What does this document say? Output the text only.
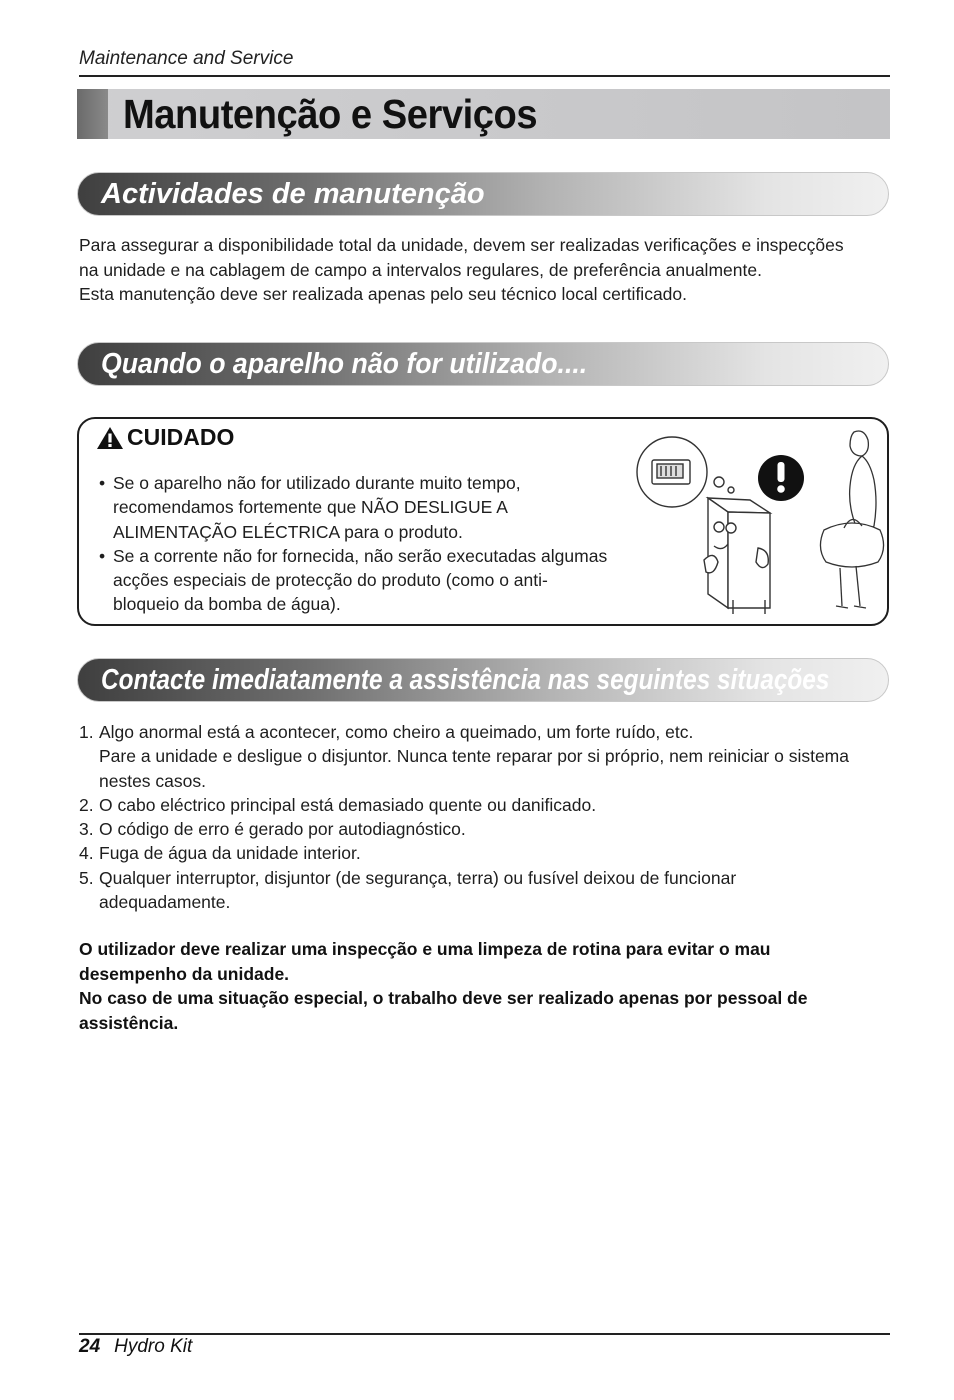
Maintenance and Service
Manutenção e Serviços
Actividades de manutenção
Para assegurar a disponibilidade total da unidade, devem ser realizadas verificações e inspecções
na unidade e na cablagem de campo a intervalos regulares, de preferência anualmente.
Esta manutenção deve ser realizada apenas pelo seu técnico local certificado.
Quando o aparelho não for utilizado....
CUIDADO
• Se o aparelho não for utilizado durante muito tempo,
recomendamos fortemente que NÃO DESLIGUE A
ALIMENTAÇÃO ELÉCTRICA para o produto.
• Se a corrente não for fornecida, não serão executadas algumas
acções especiais de protecção do produto (como o anti-
bloqueio da bomba de água).
Contacte imediatamente a assistência nas seguintes situações
1. Algo anormal está a acontecer, como cheiro a queimado, um forte ruído, etc.
Pare a unidade e desligue o disjuntor. Nunca tente reparar por si próprio, nem reiniciar o sistema
nestes casos.
2. O cabo eléctrico principal está demasiado quente ou danificado.
3. O código de erro é gerado por autodiagnóstico.
4. Fuga de água da unidade interior.
5. Qualquer interruptor, disjuntor (de segurança, terra) ou fusível deixou de funcionar
adequadamente.
O utilizador deve realizar uma inspecção e uma limpeza de rotina para evitar o mau
desempenho da unidade.
No caso de uma situação especial, o trabalho deve ser realizado apenas por pessoal de
assistência.
24 Hydro Kit
